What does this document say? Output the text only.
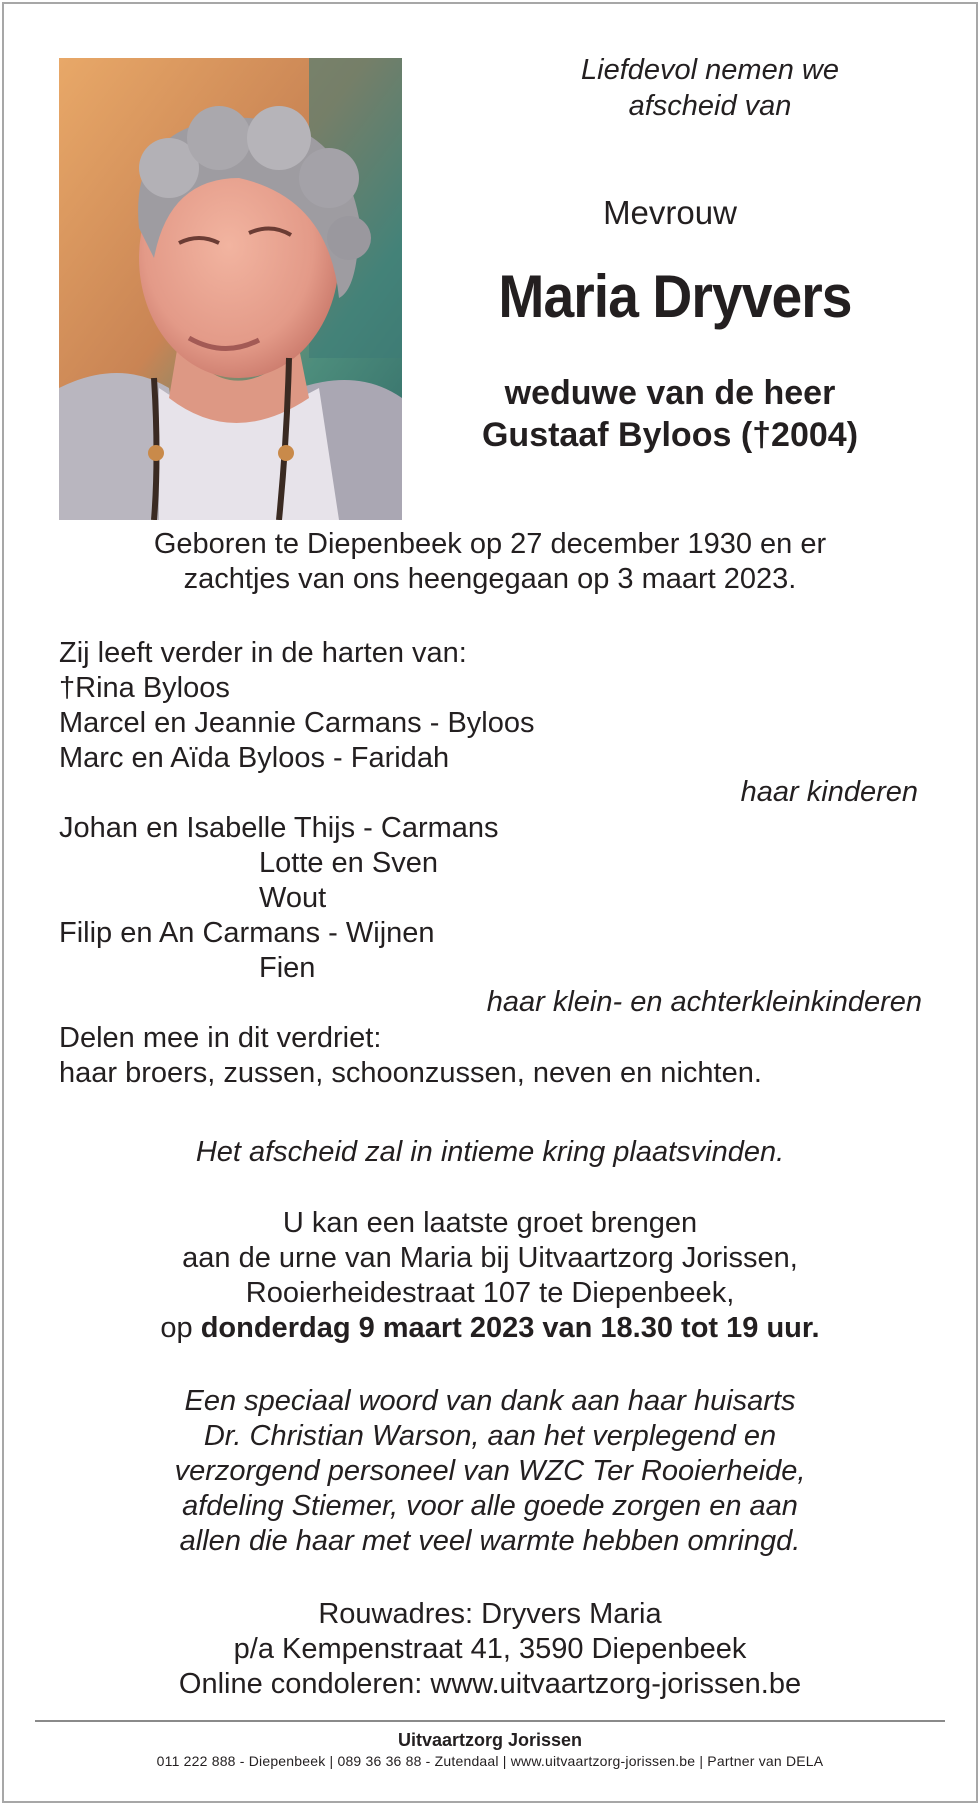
Liefdevol nemen we
afscheid van
Mevrouw
Maria Dryvers
weduwe van de heer
Gustaaf Byloos (†2004)
Geboren te Diepenbeek op 27 december 1930 en er
zachtjes van ons heengegaan op 3 maart 2023.
Zij leeft verder in de harten van:
†Rina Byloos
Marcel en Jeannie Carmans - Byloos
Marc en Aïda Byloos - Faridah
haar kinderen
Johan en Isabelle Thijs - Carmans
Lotte en Sven
Wout
Filip en An Carmans - Wijnen
Fien
haar klein- en achterkleinkinderen
Delen mee in dit verdriet:
haar broers, zussen, schoonzussen, neven en nichten.
Het afscheid zal in intieme kring plaatsvinden.
U kan een laatste groet brengen
aan de urne van Maria bij Uitvaartzorg Jorissen,
Rooierheidestraat 107 te Diepenbeek,
op donderdag 9 maart 2023 van 18.30 tot 19 uur.
Een speciaal woord van dank aan haar huisarts
Dr. Christian Warson, aan het verplegend en
verzorgend personeel van WZC Ter Rooierheide,
afdeling Stiemer, voor alle goede zorgen en aan
allen die haar met veel warmte hebben omringd.
Rouwadres: Dryvers Maria
p/a Kempenstraat 41, 3590 Diepenbeek
Online condoleren: www.uitvaartzorg-jorissen.be
Uitvaartzorg Jorissen
011 222 888 - Diepenbeek | 089 36 36 88 - Zutendaal | www.uitvaartzorg-jorissen.be | Partner van DELA
